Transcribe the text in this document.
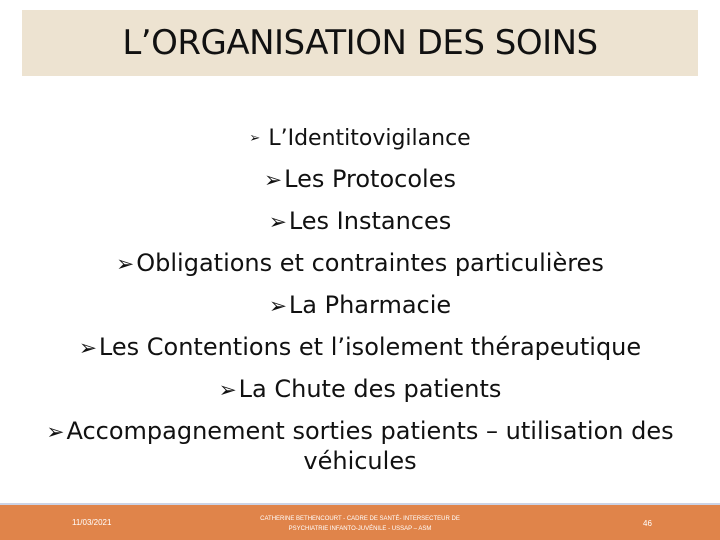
L’ORGANISATION DES SOINS
➢ L’Identitovigilance
➢Les Protocoles
➢Les Instances
➢Obligations et contraintes particulières
➢La Pharmacie
➢Les Contentions et l’isolement thérapeutique
➢La Chute des patients
➢Accompagnement sorties patients – utilisation des véhicules
11/03/2021	CATHERINE BETHENCOURT - CADRE DE SANTÉ- INTERSECTEUR DE
PSYCHIATRIE INFANTO-JUVÉNILE - USSAP – ASM
46
